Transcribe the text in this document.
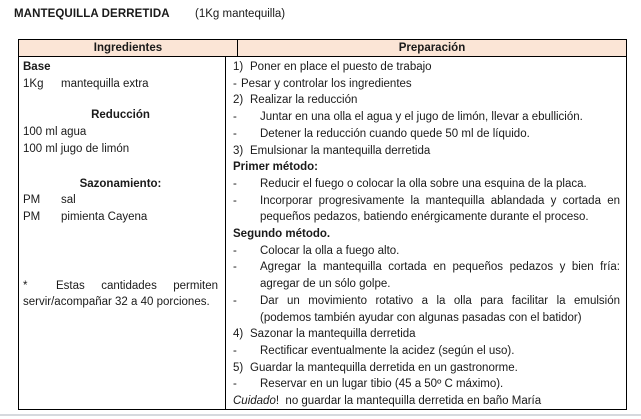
MANTEQUILLA DERRETIDA (1Kg mantequilla)
Ingredientes	Preparación

Base

1Kg mantequilla extra

Reducción

100 ml agua

100 ml jugo de limón

Sazonamiento:

PM sal

PM pimienta Cayena

* Estas cantidades permiten servir/acompañar 32 a 40 porciones.

1) Poner en place el puesto de trabajo

- Pesar y controlar los ingredientes

2) Realizar la reducción

- Juntar en una olla el agua y el jugo de limón, llevar a ebullición.

- Detener la reducción cuando quede 50 ml de líquido.

3) Emulsionar la mantequilla derretida

Primer método:

- Reducir el fuego o colocar la olla sobre una esquina de la placa.

- Incorporar progresivamente la mantequilla ablandada y cortada en pequeños pedazos, batiendo enérgicamente durante el proceso.

Segundo método.

- Colocar la olla a fuego alto.

- Agregar la mantequilla cortada en pequeños pedazos y bien fría: agregar de un sólo golpe.

- Dar un movimiento rotativo a la olla para facilitar la emulsión (podemos también ayudar con algunas pasadas con el batidor)

4) Sazonar la mantequilla derretida

- Rectificar eventualmente la acidez (según el uso).

5) Guardar la mantequilla derretida en un gastronorme.

- Reservar en un lugar tibio (45 a 50º C máximo).

Cuidado!  no guardar la mantequilla derretida en baño María
